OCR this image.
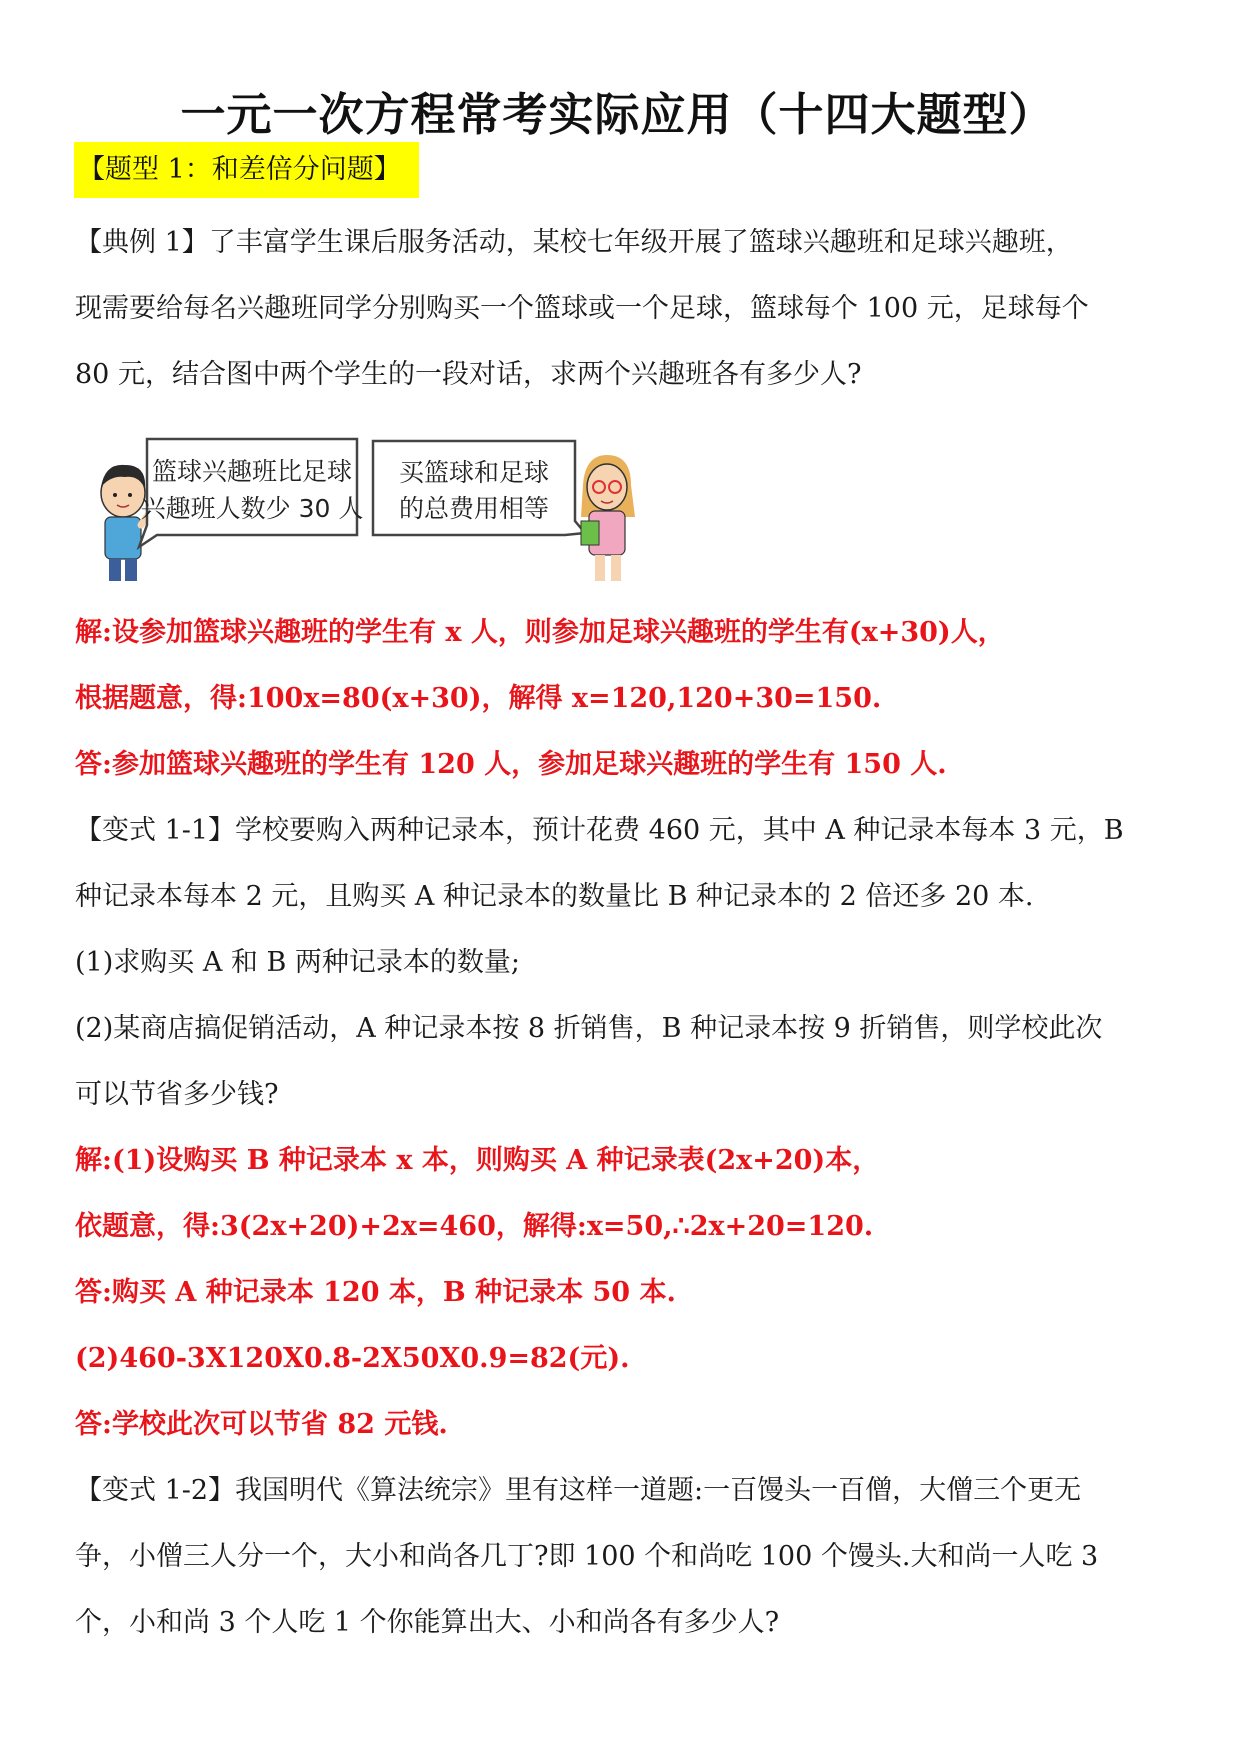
一元一次方程常考实际应用（十四大题型）
【题型 1：和差倍分问题】
【典例 1】了丰富学生课后服务活动，某校七年级开展了篮球兴趣班和足球兴趣班，
现需要给每名兴趣班同学分别购买一个篮球或一个足球，篮球每个 100 元，足球每个
80 元，结合图中两个学生的一段对话，求两个兴趣班各有多少人?
篮球兴趣班比足球
兴趣班人数少 30 人
买篮球和足球
的总费用相等
解:设参加篮球兴趣班的学生有 x 人，则参加足球兴趣班的学生有(x+30)人，
根据题意，得:100x=80(x+30)，解得 x=120,120+30=150.
答:参加篮球兴趣班的学生有 120 人，参加足球兴趣班的学生有 150 人.
【变式 1-1】学校要购入两种记录本，预计花费 460 元，其中 A 种记录本每本 3 元，B
种记录本每本 2 元，且购买 A 种记录本的数量比 B 种记录本的 2 倍还多 20 本.
(1)求购买 A 和 B 两种记录本的数量;
(2)某商店搞促销活动，A 种记录本按 8 折销售，B 种记录本按 9 折销售，则学校此次
可以节省多少钱?
解:(1)设购买 B 种记录本 x 本，则购买 A 种记录表(2x+20)本，
依题意，得:3(2x+20)+2x=460，解得:x=50,∴2x+20=120.
答:购买 A 种记录本 120 本，B 种记录本 50 本.
(2)460-3X120X0.8-2X50X0.9=82(元).
答:学校此次可以节省 82 元钱.
【变式 1-2】我国明代《算法统宗》里有这样一道题:一百馒头一百僧，大僧三个更无
争，小僧三人分一个，大小和尚各几丁?即 100 个和尚吃 100 个馒头.大和尚一人吃 3
个，小和尚 3 个人吃 1 个你能算出大、小和尚各有多少人?
